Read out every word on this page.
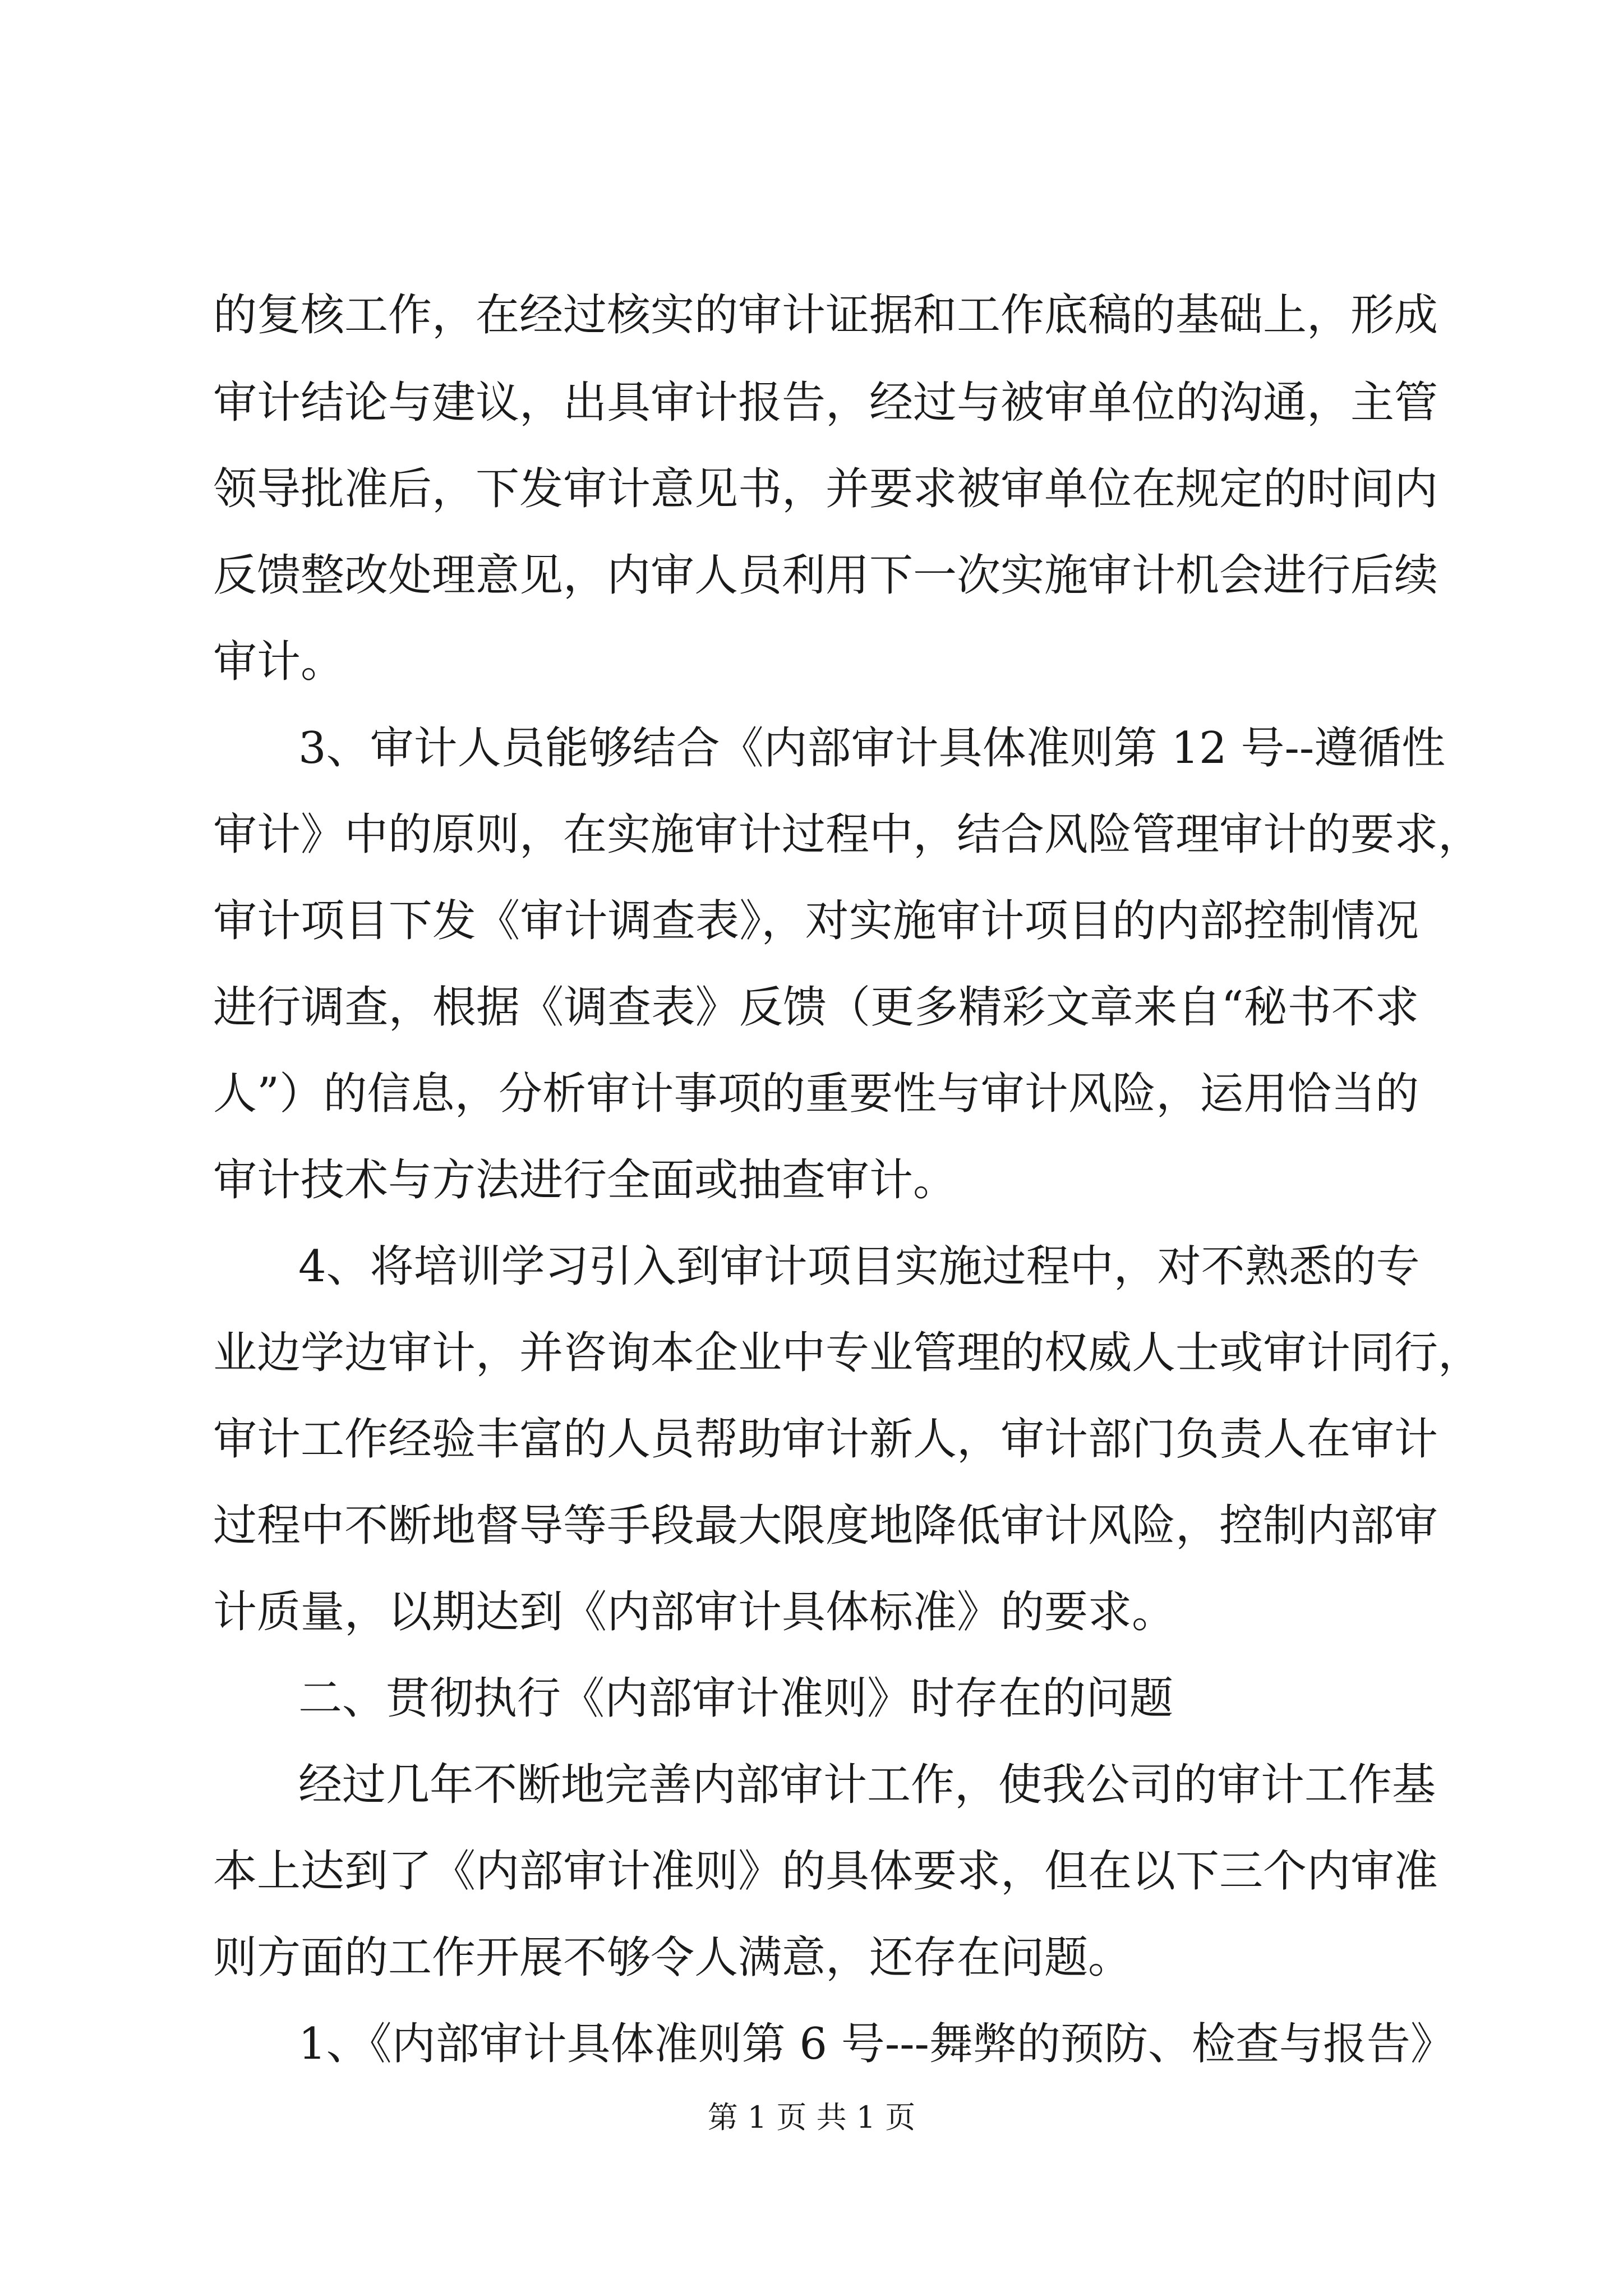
的复核工作，在经过核实的审计证据和工作底稿的基础上，形成
审计结论与建议，出具审计报告，经过与被审单位的沟通，主管
领导批准后，下发审计意见书，并要求被审单位在规定的时间内
反馈整改处理意见，内审人员利用下一次实施审计机会进行后续
审计。
3、审计人员能够结合《内部审计具体准则第 12 号--遵循性
审计》中的原则，在实施审计过程中，结合风险管理审计的要求，
审计项目下发《审计调查表》，对实施审计项目的内部控制情况
进行调查，根据《调查表》反馈（更多精彩文章来自“秘书不求
人”）的信息，分析审计事项的重要性与审计风险，运用恰当的
审计技术与方法进行全面或抽查审计。
4、将培训学习引入到审计项目实施过程中，对不熟悉的专
业边学边审计，并咨询本企业中专业管理的权威人士或审计同行，
审计工作经验丰富的人员帮助审计新人，审计部门负责人在审计
过程中不断地督导等手段最大限度地降低审计风险，控制内部审
计质量，以期达到《内部审计具体标准》的要求。
二、贯彻执行《内部审计准则》时存在的问题
经过几年不断地完善内部审计工作，使我公司的审计工作基
本上达到了《内部审计准则》的具体要求，但在以下三个内审准
则方面的工作开展不够令人满意，还存在问题。
1、《内部审计具体准则第 6 号---舞弊的预防、检查与报告》
第 1 页 共 1 页
